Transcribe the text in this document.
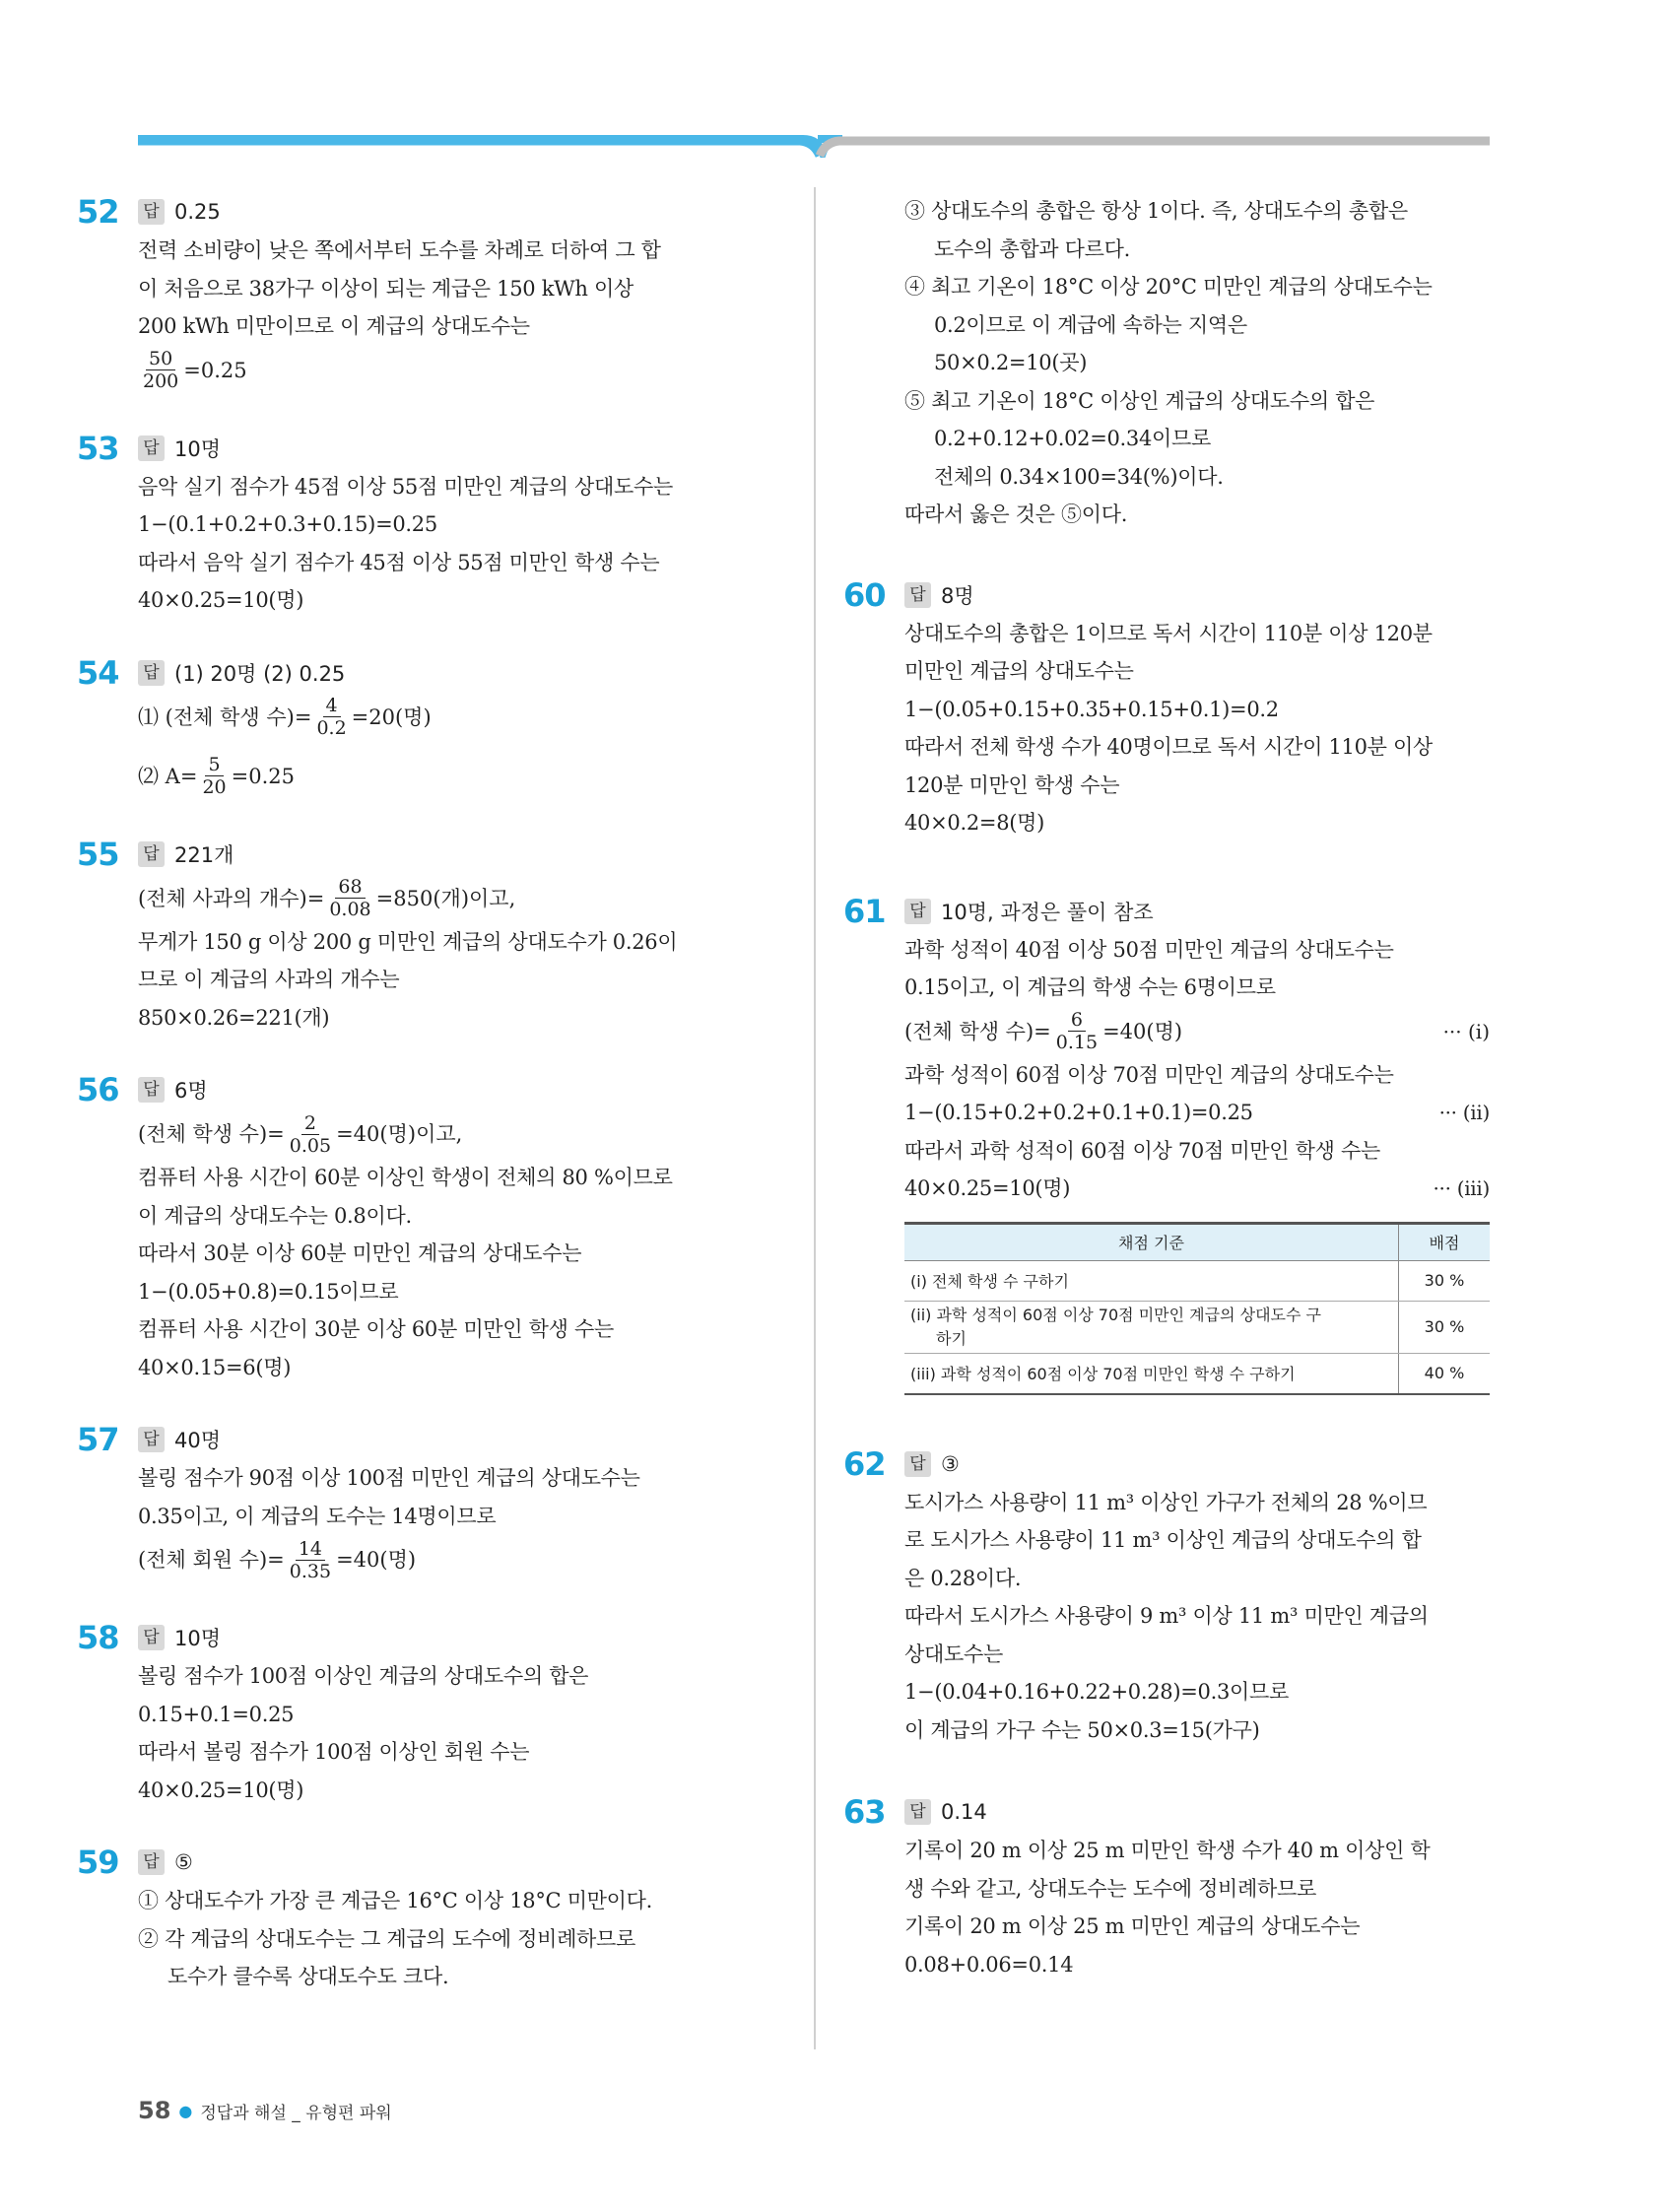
52	답 0.25
전력 소비량이 낮은 쪽에서부터 도수를 차례로 더하여 그 합
이 처음으로 38가구 이상이 되는 계급은 150 kWh 이상
200 kWh 미만이므로 이 계급의 상대도수는
$\frac{50}{200} =0.25$
53	답 10명
음악 실기 점수가 45점 이상 55점 미만인 계급의 상대도수는
1−(0.1+0.2+0.3+0.15)=0.25
따라서 음악 실기 점수가 45점 이상 55점 미만인 학생 수는
40×0.25=10(명)
54	답 (1) 20명 (2) 0.25
⑴ (전체 학생 수)= $\frac{4}{0.2} =20$(명)
⑵ $A= \frac{5}{20} =0.25$
55	답 221개
(전체 사과의 개수)= $\frac{68}{0.08} =850$(개)이고,
무게가 150 g 이상 200 g 미만인 계급의 상대도수가 0.26이
므로 이 계급의 사과의 개수는
850×0.26=221(개)
56	답 6명
(전체 학생 수)= $\frac{2}{0.05} =40$(명)이고,
컴퓨터 사용 시간이 60분 이상인 학생이 전체의 80 %이므로
이 계급의 상대도수는 0.8이다.
따라서 30분 이상 60분 미만인 계급의 상대도수는
1−(0.05+0.8)=0.15이므로
컴퓨터 사용 시간이 30분 이상 60분 미만인 학생 수는
40×0.15=6(명)
57	답 40명
볼링 점수가 90점 이상 100점 미만인 계급의 상대도수는
0.35이고, 이 계급의 도수는 14명이므로
(전체 회원 수)= $\frac{14}{0.35} =40$(명)
58	답 10명
볼링 점수가 100점 이상인 계급의 상대도수의 합은
0.15+0.1=0.25
따라서 볼링 점수가 100점 이상인 회원 수는
40×0.25=10(명)
59	답 ⑤
① 상대도수가 가장 큰 계급은 16°C 이상 18°C 미만이다.
② 각 계급의 상대도수는 그 계급의 도수에 정비례하므로
도수가 클수록 상대도수도 크다.
③ 상대도수의 총합은 항상 1이다. 즉, 상대도수의 총합은
도수의 총합과 다르다.
④ 최고 기온이 18°C 이상 20°C 미만인 계급의 상대도수는
0.2이므로 이 계급에 속하는 지역은
50×0.2=10(곳)
⑤ 최고 기온이 18°C 이상인 계급의 상대도수의 합은
0.2+0.12+0.02=0.34이므로
전체의 0.34×100=34(%)이다.
따라서 옳은 것은 ⑤이다.
60	답 8명
상대도수의 총합은 1이므로 독서 시간이 110분 이상 120분
미만인 계급의 상대도수는
1−(0.05+0.15+0.35+0.15+0.1)=0.2
따라서 전체 학생 수가 40명이므로 독서 시간이 110분 이상
120분 미만인 학생 수는
40×0.2=8(명)
61	답 10명, 과정은 풀이 참조
과학 성적이 40점 이상 50점 미만인 계급의 상대도수는
0.15이고, 이 계급의 학생 수는 6명이므로
(전체 학생 수)= $\frac{6}{0.15} =40$(명)	··· (i)
과학 성적이 60점 이상 70점 미만인 계급의 상대도수는
1−(0.15+0.2+0.2+0.1+0.1)=0.25	··· (ii)
따라서 과학 성적이 60점 이상 70점 미만인 학생 수는
40×0.25=10(명)	··· (iii)
채점 기준	배점
(i) 전체 학생 수 구하기	30 %

(ii) 과학 성적이 60점 이상 70점 미만인 계급의 상대도수 구
하기	30 %
(iii) 과학 성적이 60점 이상 70점 미만인 학생 수 구하기	40 %
62	답 ③
도시가스 사용량이 11 m³ 이상인 가구가 전체의 28 %이므
로 도시가스 사용량이 11 m³ 이상인 계급의 상대도수의 합
은 0.28이다.
따라서 도시가스 사용량이 9 m³ 이상 11 m³ 미만인 계급의
상대도수는
1−(0.04+0.16+0.22+0.28)=0.3이므로
이 계급의 가구 수는 50×0.3=15(가구)
63	답 0.14
기록이 20 m 이상 25 m 미만인 학생 수가 40 m 이상인 학
생 수와 같고, 상대도수는 도수에 정비례하므로
기록이 20 m 이상 25 m 미만인 계급의 상대도수는
0.08+0.06=0.14
58 ● 정답과 해설 _ 유형편 파워
